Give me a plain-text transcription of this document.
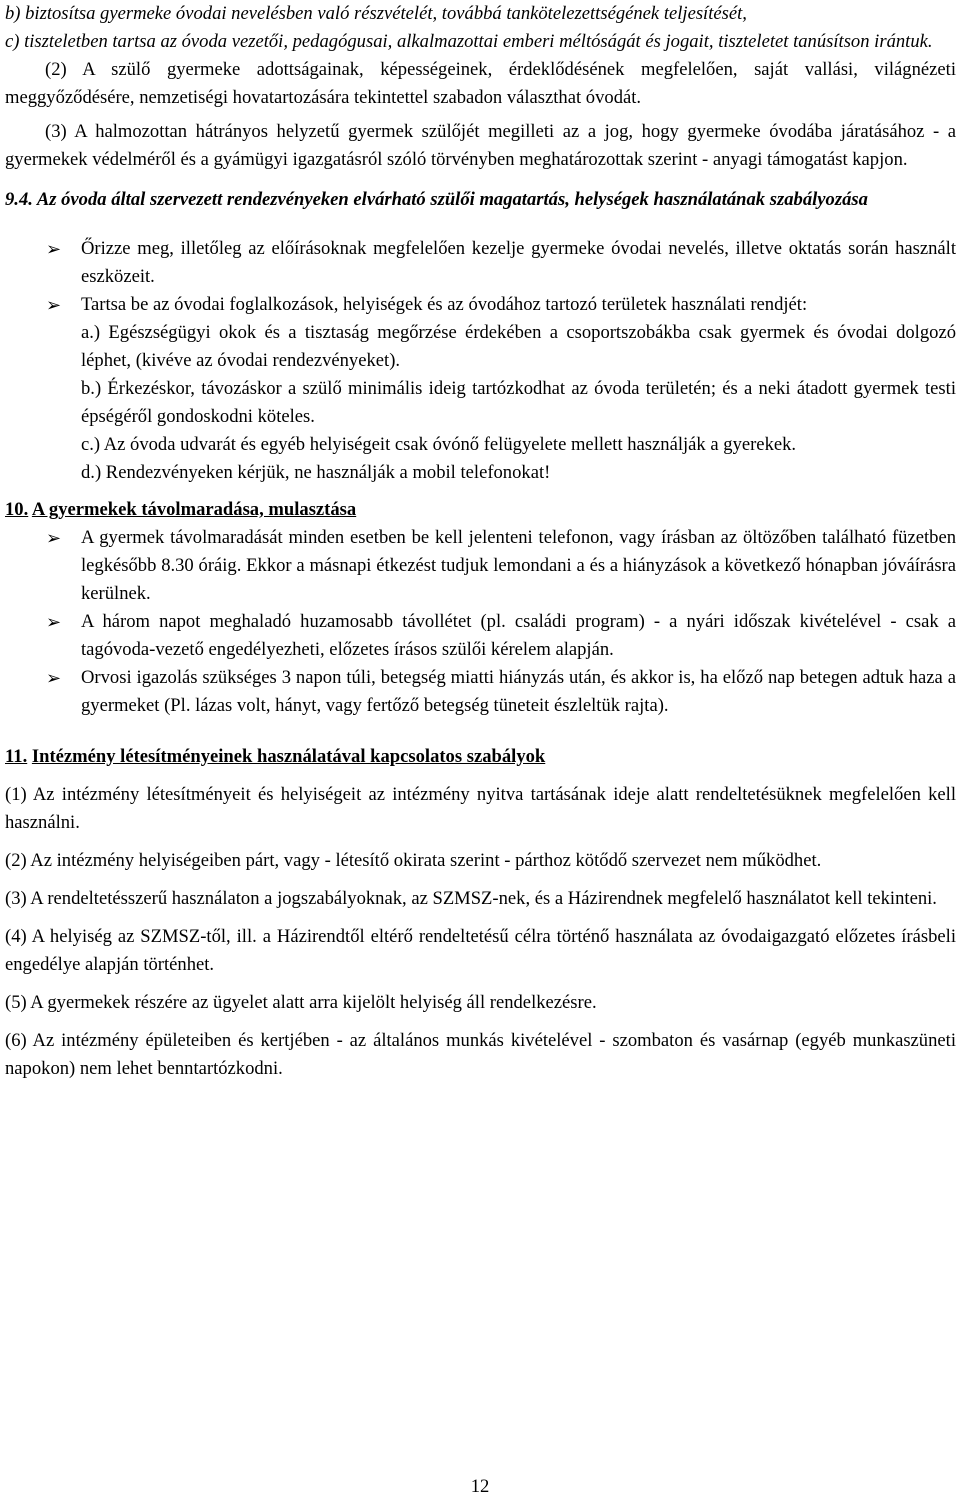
b) biztosítsa gyermeke óvodai nevelésben való részvételét, továbbá tankötelezettségének teljesítését,

c) tiszteletben tartsa az óvoda vezetői, pedagógusai, alkalmazottai emberi méltóságát és jogait, tiszteletet tanúsítson irántuk.

(2) A szülő gyermeke adottságainak, képességeinek, érdeklődésének megfelelően, saját vallási, világnézeti meggyőződésére, nemzetiségi hovatartozására tekintettel szabadon választhat óvodát.

(3) A halmozottan hátrányos helyzetű gyermek szülőjét megilleti az a jog, hogy gyermeke óvodába járatásához - a gyermekek védelméről és a gyámügyi igazgatásról szóló törvényben meghatározottak szerint - anyagi támogatást kapjon.

9.4. Az óvoda által szervezett rendezvényeken elvárható szülői magatartás, helységek használatának szabályozása

➢	Őrizze meg, illetőleg az előírásoknak megfelelően kezelje gyermeke óvodai nevelés, illetve oktatás során használt eszközeit.
➢	Tartsa be az óvodai foglalkozások, helyiségek és az óvodához tartozó területek használati rendjét:

a.) Egészségügyi okok és a tisztaság megőrzése érdekében a csoportszobákba csak gyermek és óvodai dolgozó léphet, (kivéve az óvodai rendezvényeket).

b.) Érkezéskor, távozáskor a szülő minimális ideig tartózkodhat az óvoda területén; és a neki átadott gyermek testi épségéről gondoskodni köteles.

c.) Az óvoda udvarát és egyéb helyiségeit csak óvónő felügyelete mellett használják a gyerekek.

d.) Rendezvényeken kérjük, ne használják a mobil telefonokat!

10. A gyermekek távolmaradása, mulasztása

➢	A gyermek távolmaradását minden esetben be kell jelenteni telefonon, vagy írásban az öltözőben található füzetben legkésőbb 8.30 óráig. Ekkor a másnapi étkezést tudjuk lemondani a és a hiányzások a következő hónapban jóváírásra kerülnek.
➢	A három napot meghaladó huzamosabb távollétet (pl. családi program) - a nyári időszak kivételével - csak a tagóvoda-vezető engedélyezheti, előzetes írásos szülői kérelem alapján.
➢	Orvosi igazolás szükséges 3 napon túli, betegség miatti hiányzás után, és akkor is, ha előző nap betegen adtuk haza a gyermeket (Pl. lázas volt, hányt, vagy fertőző betegség tüneteit észleltük rajta).

11. Intézmény létesítményeinek használatával kapcsolatos szabályok

(1) Az intézmény létesítményeit és helyiségeit az intézmény nyitva tartásának ideje alatt rendeltetésüknek megfelelően kell használni.

(2) Az intézmény helyiségeiben párt, vagy - létesítő okirata szerint - párthoz kötődő szervezet nem működhet.

(3) A rendeltetésszerű használaton a jogszabályoknak, az SZMSZ-nek, és a Házirendnek megfelelő használatot kell tekinteni.

(4) A helyiség az SZMSZ-től, ill. a Házirendtől eltérő rendeltetésű célra történő használata az óvodaigazgató előzetes írásbeli engedélye alapján történhet.

(5) A gyermekek részére az ügyelet alatt arra kijelölt helyiség áll rendelkezésre.

(6) Az intézmény épületeiben és kertjében - az általános munkás kivételével - szombaton és vasárnap (egyéb munkaszüneti napokon) nem lehet benntartózkodni.

12
